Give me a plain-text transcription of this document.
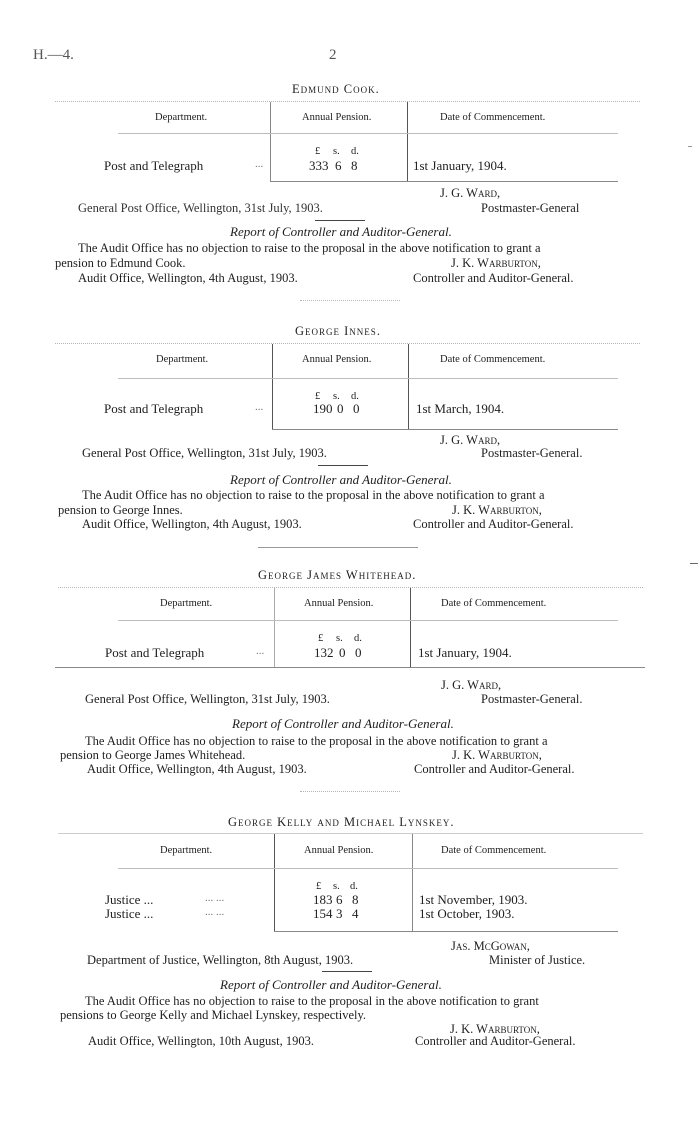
H.—4.	2
Edmund Cook.
Department.	Annual Pension.	Date of Commencement.
£ s. d.
Post and Telegraph	...	333 6 8	1st January, 1904.
J. G. Ward,
General Post Office, Wellington, 31st July, 1903.	Postmaster-General
Report of Controller and Auditor-General.
The Audit Office has no objection to raise to the proposal in the above notification to grant a
pension to Edmund Cook.	J. K. Warburton,
Audit Office, Wellington, 4th August, 1903.	Controller and Auditor-General.
George Innes.
Department.	Annual Pension.	Date of Commencement.
£ s. d.
Post and Telegraph	...	190 0 0	1st March, 1904.
J. G. Ward,
General Post Office, Wellington, 31st July, 1903.	Postmaster-General.
Report of Controller and Auditor-General.
The Audit Office has no objection to raise to the proposal in the above notification to grant a
pension to George Innes.	J. K. Warburton,
Audit Office, Wellington, 4th August, 1903.	Controller and Auditor-General.
George James Whitehead.
Department.	Annual Pension.	Date of Commencement.
£ s. d.
Post and Telegraph	...	132 0 0	1st January, 1904.
J. G. Ward,
General Post Office, Wellington, 31st July, 1903.	Postmaster-General.
Report of Controller and Auditor-General.
The Audit Office has no objection to raise to the proposal in the above notification to grant a
pension to George James Whitehead.	J. K. Warburton,
Audit Office, Wellington, 4th August, 1903.	Controller and Auditor-General.
George Kelly and Michael Lynskey.
Department.	Annual Pension.	Date of Commencement.
£ s. d.
Justice ...	... ...	183 6 8	1st November, 1903.
Justice ...	... ...	154 3 4	1st October, 1903.
Jas. McGowan,
Department of Justice, Wellington, 8th August, 1903.	Minister of Justice.
Report of Controller and Auditor-General.
The Audit Office has no objection to raise to the proposal in the above notification to grant
pensions to George Kelly and Michael Lynskey, respectively.
J. K. Warburton,
Audit Office, Wellington, 10th August, 1903.	Controller and Auditor-General.
